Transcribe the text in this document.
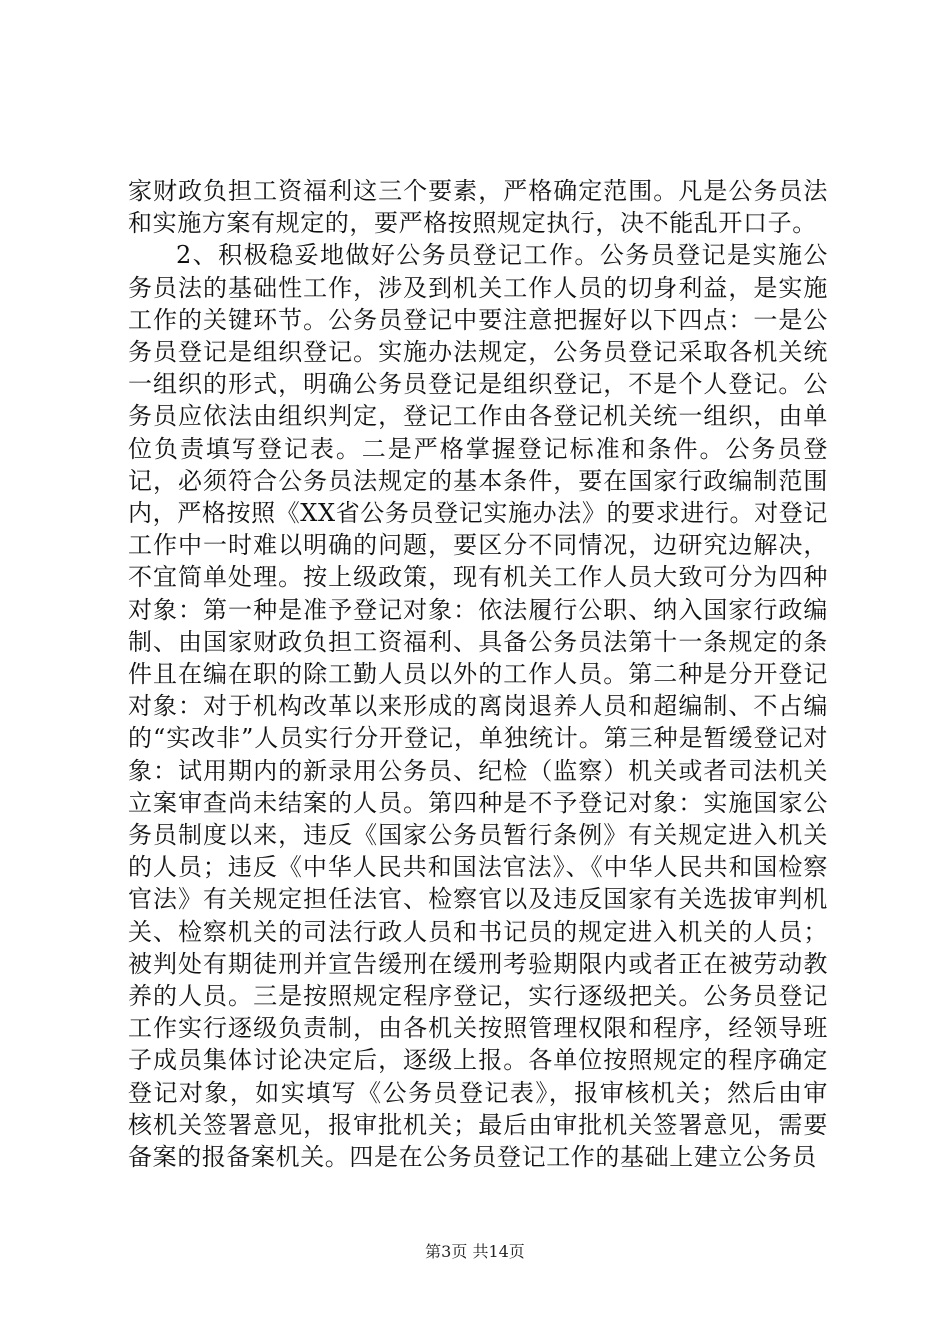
家财政负担工资福利这三个要素，严格确定范围。凡是公务员法和实施方案有规定的，要严格按照规定执行，决不能乱开口子。

2、积极稳妥地做好公务员登记工作。公务员登记是实施公务员法的基础性工作，涉及到机关工作人员的切身利益，是实施工作的关键环节。公务员登记中要注意把握好以下四点：一是公务员登记是组织登记。实施办法规定，公务员登记采取各机关统一组织的形式，明确公务员登记是组织登记，不是个人登记。公务员应依法由组织判定，登记工作由各登记机关统一组织，由单位负责填写登记表。二是严格掌握登记标准和条件。公务员登记，必须符合公务员法规定的基本条件，要在国家行政编制范围内，严格按照《XX省公务员登记实施办法》的要求进行。对登记工作中一时难以明确的问题，要区分不同情况，边研究边解决，不宜简单处理。按上级政策，现有机关工作人员大致可分为四种对象：第一种是准予登记对象：依法履行公职、纳入国家行政编制、由国家财政负担工资福利、具备公务员法第十一条规定的条件且在编在职的除工勤人员以外的工作人员。第二种是分开登记对象：对于机构改革以来形成的离岗退养人员和超编制、不占编的“实改非”人员实行分开登记，单独统计。第三种是暂缓登记对象：试用期内的新录用公务员、纪检（监察）机关或者司法机关立案审查尚未结案的人员。第四种是不予登记对象：实施国家公务员制度以来，违反《国家公务员暂行条例》有关规定进入机关的人员；违反《中华人民共和国法官法》、《中华人民共和国检察官法》有关规定担任法官、检察官以及违反国家有关选拔审判机关、检察机关的司法行政人员和书记员的规定进入机关的人员；被判处有期徒刑并宣告缓刑在缓刑考验期限内或者正在被劳动教养的人员。三是按照规定程序登记，实行逐级把关。公务员登记工作实行逐级负责制，由各机关按照管理权限和程序，经领导班子成员集体讨论决定后，逐级上报。各单位按照规定的程序确定登记对象，如实填写《公务员登记表》，报审核机关；然后由审核机关签署意见，报审批机关；最后由审批机关签署意见，需要备案的报备案机关。四是在公务员登记工作的基础上建立公务员

第3页 共14页
